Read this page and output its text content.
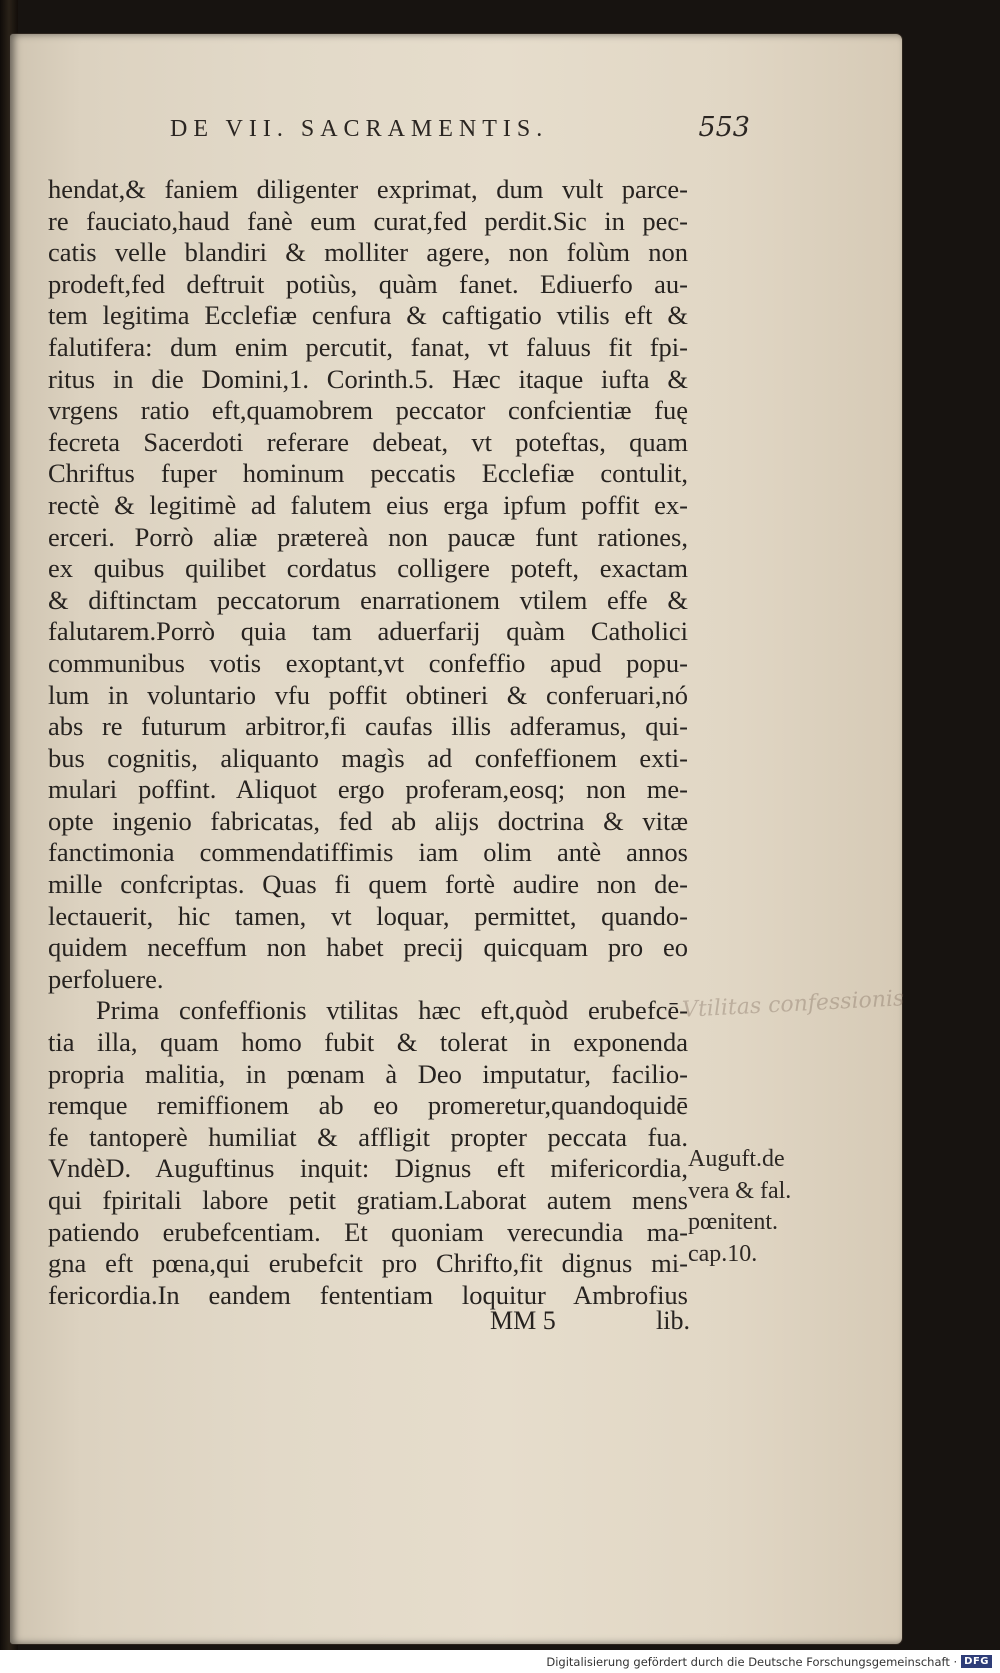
DE VII. SACRAMENTIS.	553
hendat,& faniem diligenter exprimat, dum vult parce-
re fauciato,haud fanè eum curat,fed perdit.Sic in pec-
catis velle blandiri & molliter agere, non folùm non
prodeft,fed deftruit potiùs, quàm fanet. Ediuerfo au-
tem legitima Ecclefiæ cenfura & caftigatio vtilis eft &
falutifera: dum enim percutit, fanat, vt faluus fit fpi-
ritus in die Domini,1. Corinth.5. Hæc itaque iufta &
vrgens ratio eft,quamobrem peccator confcientiæ fuę
fecreta Sacerdoti referare debeat, vt poteftas, quam
Chriftus fuper hominum peccatis Ecclefiæ contulit,
rectè & legitimè ad falutem eius erga ipfum poffit ex-
erceri. Porrò aliæ prætereà non paucæ funt rationes,
ex quibus quilibet cordatus colligere poteft, exactam
& diftinctam peccatorum enarrationem vtilem effe &
falutarem.Porrò quia tam aduerfarij quàm Catholici
communibus votis exoptant,vt confeffio apud popu-
lum in voluntario vfu poffit obtineri & conferuari,nó
abs re futurum arbitror,fi caufas illis adferamus, qui-
bus cognitis, aliquanto magìs ad confeffionem exti-
mulari poffint. Aliquot ergo proferam,eosq; non me-
opte ingenio fabricatas, fed ab alijs doctrina & vitæ
fanctimonia commendatiffimis iam olim antè annos
mille confcriptas. Quas fi quem fortè audire non de-
lectauerit, hic tamen, vt loquar, permittet, quando-
quidem neceffum non habet precij quicquam pro eo
perfoluere.
Prima confeffionis vtilitas hæc eft,quòd erubefcē-
tia illa, quam homo fubit & tolerat in exponenda
propria malitia, in pœnam à Deo imputatur, facilio-
remque remiffionem ab eo promeretur,quandoquidē
fe tantoperè humiliat & affligit propter peccata fua.
VndèD. Auguftinus inquit: Dignus eft mifericordia,
qui fpiritali labore petit gratiam.Laborat autem mens
patiendo erubefcentiam. Et quoniam verecundia ma-
gna eft pœna,qui erubefcit pro Chrifto,fit dignus mi-
fericordia.In eandem fententiam loquitur Ambrofius
Auguft.de
vera & fal.
pœnitent.
cap.10.
Vtilitas confessionis
MM 5	lib.
Digitalisierung gefördert durch die Deutsche Forschungsgemeinschaft · DFG
